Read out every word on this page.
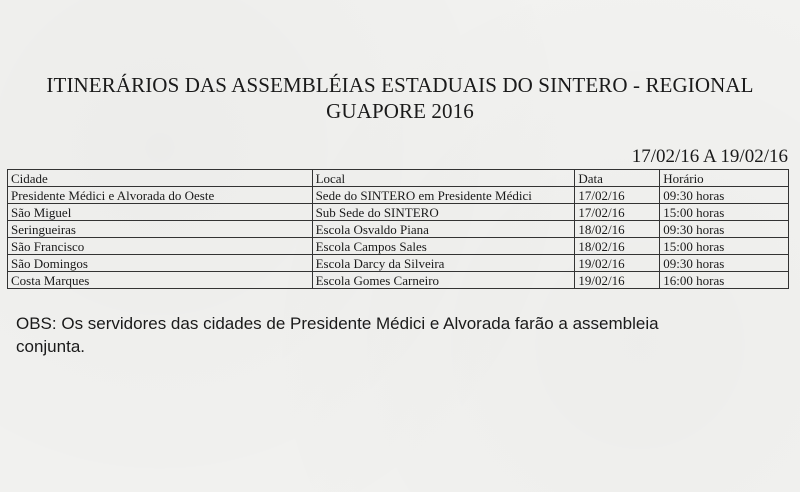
ITINERÁRIOS DAS ASSEMBLÉIAS ESTADUAIS DO SINTERO - REGIONAL
GUAPORE 2016
17/02/16 A 19/02/16
Cidade	Local	Data	Horário
Presidente Médici e Alvorada do Oeste	Sede do SINTERO em Presidente Médici	17/02/16	09:30 horas
São Miguel	Sub Sede do SINTERO	17/02/16	15:00 horas
Seringueiras	Escola Osvaldo Piana	18/02/16	09:30 horas
São Francisco	Escola Campos Sales	18/02/16	15:00 horas
São Domingos	Escola Darcy da Silveira	19/02/16	09:30 horas
Costa Marques	Escola Gomes Carneiro	19/02/16	16:00 horas
OBS: Os servidores das cidades de Presidente Médici e Alvorada farão a assembleia
conjunta.
